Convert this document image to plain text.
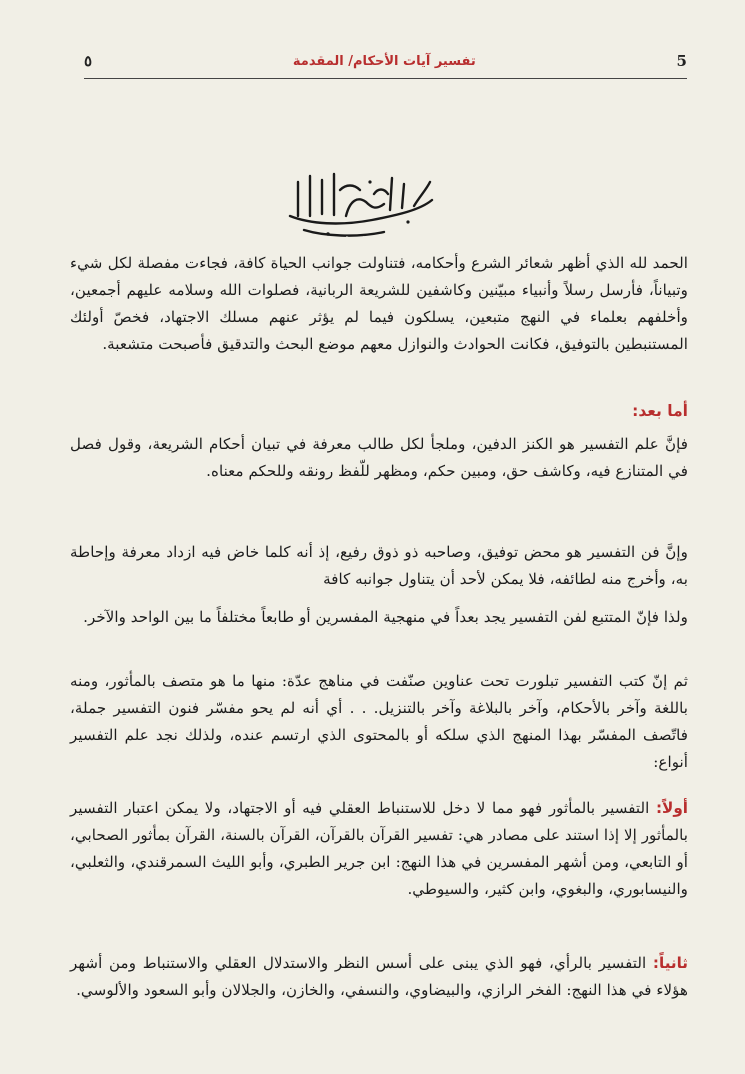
٥	تفسير آيات الأحكام/ المقدمة	5
بسم الله الرحمن الرحيم

الحمد لله الذي أظهر شعائر الشرع وأحكامه، فتناولت جوانب الحياة كافة، فجاءت مفصلة لكل شيء وتبياناً، فأرسل رسلاً وأنبياء مبيّنين وكاشفين للشريعة الربانية، فصلوات الله وسلامه عليهم أجمعين، وأخلفهم بعلماء في النهج متبعين، يسلكون فيما لم يؤثر عنهم مسلك الاجتهاد، فخصّ أولئك المستنبطين بالتوفيق، فكانت الحوادث والنوازل معهم موضع البحث والتدقيق فأصبحت متشعبة.

أما بعد:

فإنَّ علم التفسير هو الكنز الدفين، وملجأ لكل طالب معرفة في تبيان أحكام الشريعة، وقول فصل في المتنازع فيه، وكاشف حق، ومبين حكم، ومظهر للّفظ رونقه وللحكم معناه.

وإنَّ فن التفسير هو محض توفيق، وصاحبه ذو ذوق رفيع، إذ أنه كلما خاض فيه ازداد معرفة وإحاطة به، وأخرج منه لطائفه، فلا يمكن لأحد أن يتناول جوانبه كافة

ولذا فإنّ المتتبع لفن التفسير يجد بعداً في منهجية المفسرين أو طابعاً مختلفاً ما بين الواحد والآخر.

ثم إنّ كتب التفسير تبلورت تحت عناوين صنّفت في مناهج عدّة: منها ما هو متصف بالمأثور، ومنه باللغة وآخر بالأحكام، وآخر بالبلاغة وآخر بالتنزيل. . . أي أنه لم يحو مفسّر فنون التفسير جملة، فاتّصف المفسّر بهذا المنهج الذي سلكه أو بالمحتوى الذي ارتسم عنده، ولذلك نجد علم التفسير أنواع:

أولاً: التفسير بالمأثور فهو مما لا دخل للاستنباط العقلي فيه أو الاجتهاد، ولا يمكن اعتبار التفسير بالمأثور إلا إذا استند على مصادر هي: تفسير القرآن بالقرآن، القرآن بالسنة، القرآن بمأثور الصحابي، أو التابعي، ومن أشهر المفسرين في هذا النهج: ابن جرير الطبري، وأبو الليث السمرقندي، والثعلبي، والنيسابوري، والبغوي، وابن كثير، والسيوطي.

ثانياً: التفسير بالرأي، فهو الذي يبنى على أسس النظر والاستدلال العقلي والاستنباط ومن أشهر هؤلاء في هذا النهج: الفخر الرازي، والبيضاوي، والنسفي، والخازن، والجلالان وأبو السعود والألوسي.
